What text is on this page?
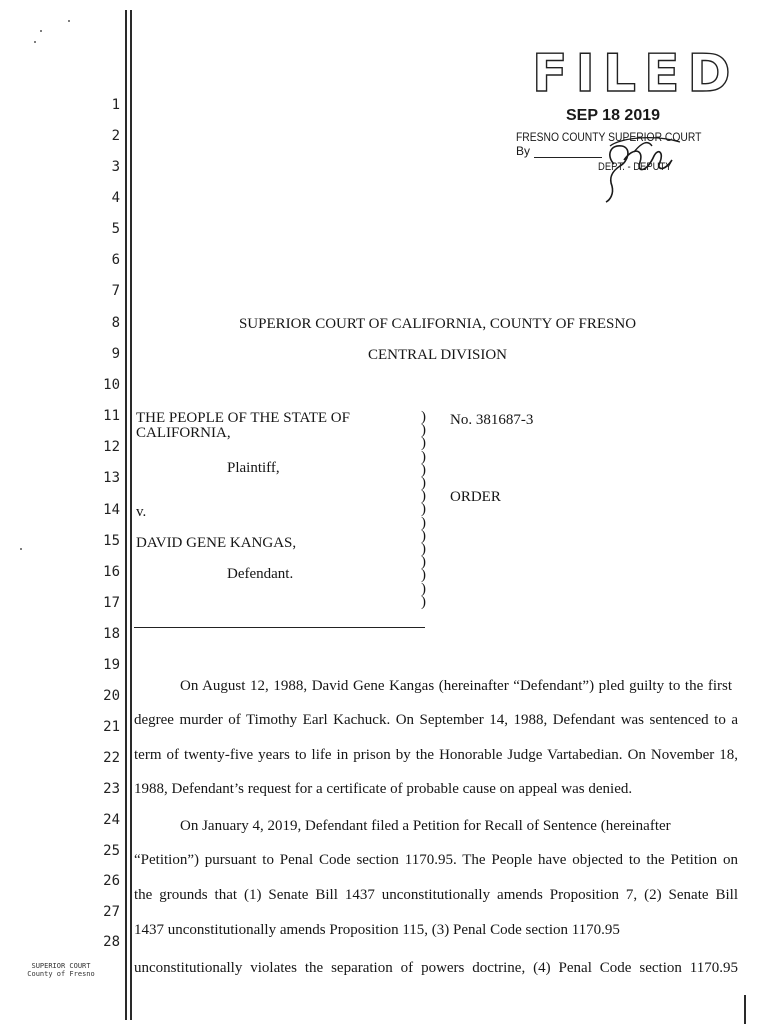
1
2
3
4
5
6
7
8
9
10
11
12
13
14
15
16
17
18
19
20
21
22
23
24
25
26
27
28
FILED
SEP 18 2019
FRESNO COUNTY SUPERIOR COURT
By
DEPT. - DEPUTY
SUPERIOR COURT OF CALIFORNIA, COUNTY OF FRESNO
CENTRAL DIVISION
THE PEOPLE OF THE STATE OF
CALIFORNIA,
Plaintiff,
v.
DAVID GENE KANGAS,
Defendant.
)
)
)
)
)
)
)
)
)
)
)
)
)
)
)
No. 381687-3
ORDER
On August 12, 1988, David Gene Kangas (hereinafter “Defendant”) pled guilty to the first
degree murder of Timothy Earl Kachuck. On September 14, 1988, Defendant was sentenced to a
term of twenty-five years to life in prison by the Honorable Judge Vartabedian. On November 18,
1988, Defendant’s request for a certificate of probable cause on appeal was denied.
On January 4, 2019, Defendant filed a Petition for Recall of Sentence (hereinafter
“Petition”) pursuant to Penal Code section 1170.95. The People have objected to the Petition on
the grounds that (1) Senate Bill 1437 unconstitutionally amends Proposition 7, (2) Senate Bill
1437 unconstitutionally amends Proposition 115, (3) Penal Code section 1170.95
unconstitutionally violates the separation of powers doctrine, (4) Penal Code section 1170.95
SUPERIOR COURT
County of Fresno
